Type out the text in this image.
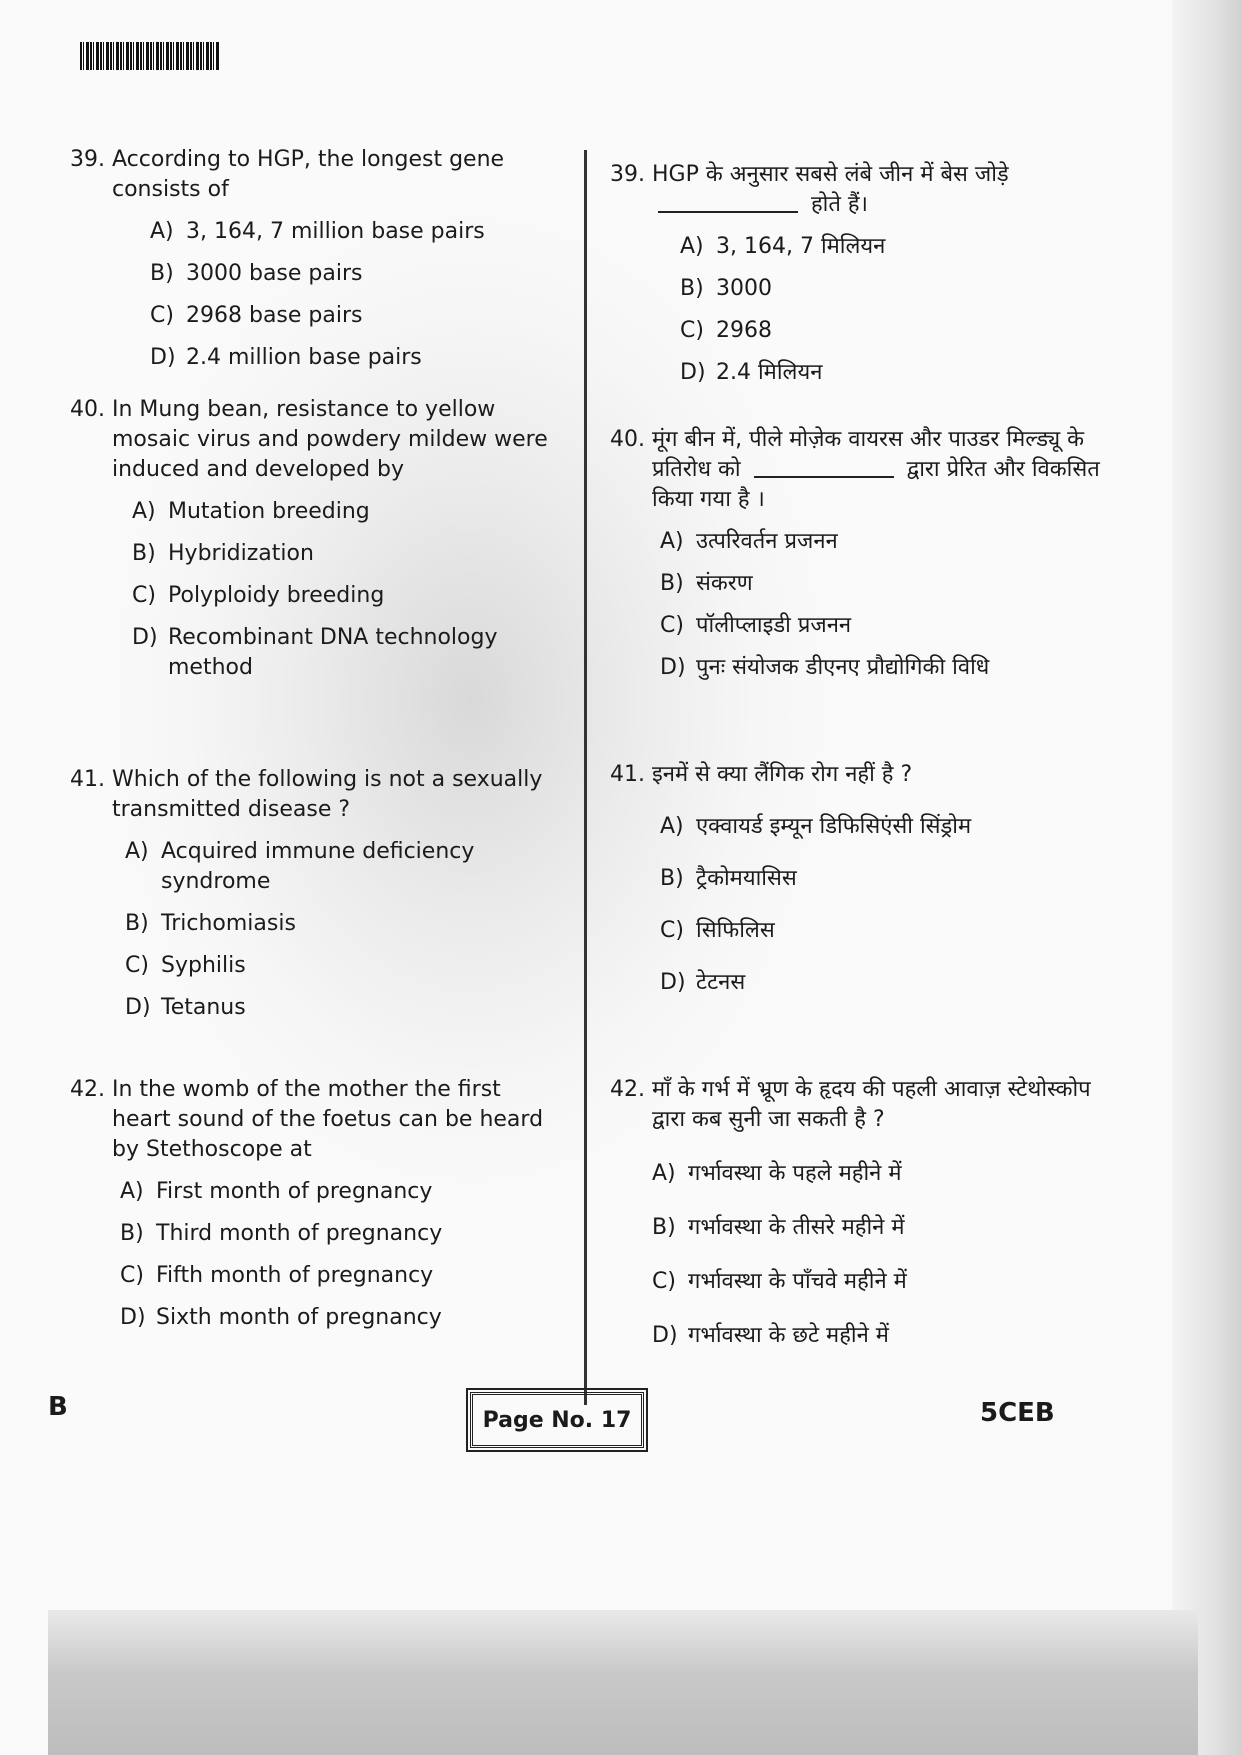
39. According to HGP, the longest gene consists of
A) 3, 164, 7 million base pairs
B) 3000 base pairs
C) 2968 base pairs
D) 2.4 million base pairs
40. In Mung bean, resistance to yellow mosaic virus and powdery mildew were induced and developed by
A) Mutation breeding
B) Hybridization
C) Polyploidy breeding
D) Recombinant DNA technology method
41. Which of the following is not a sexually transmitted disease ?
A) Acquired immune deficiency syndrome
B) Trichomiasis
C) Syphilis
D) Tetanus
42. In the womb of the mother the first heart sound of the foetus can be heard by Stethoscope at
A) First month of pregnancy
B) Third month of pregnancy
C) Fifth month of pregnancy
D) Sixth month of pregnancy
39. HGP के अनुसार सबसे लंबे जीन में बेस जोड़े  होते हैं।
A) 3, 164, 7 मिलियन
B) 3000
C) 2968
D) 2.4 मिलियन
40. मूंग बीन में, पीले मोज़ेक वायरस और पाउडर मिल्ड्यू के प्रतिरोध को	द्वारा प्रेरित और विकसित किया गया है ।
A) उत्परिवर्तन प्रजनन
B) संकरण
C) पॉलीप्लाइडी प्रजनन
D) पुनः संयोजक डीएनए प्रौद्योगिकी विधि
41. इनमें से क्या लैंगिक रोग नहीं है ?
A) एक्वायर्ड इम्यून डिफिसिएंसी सिंड्रोम
B) ट्रैकोमयासिस
C) सिफिलिस
D) टेटनस
42. माँ के गर्भ में भ्रूण के हृदय की पहली आवाज़ स्टेथोस्कोप द्वारा कब सुनी जा सकती है ?
A) गर्भावस्था के पहले महीने में
B) गर्भावस्था के तीसरे महीने में
C) गर्भावस्था के पाँचवे महीने में
D) गर्भावस्था के छटे महीने में
B	Page No. 17	5CEB
